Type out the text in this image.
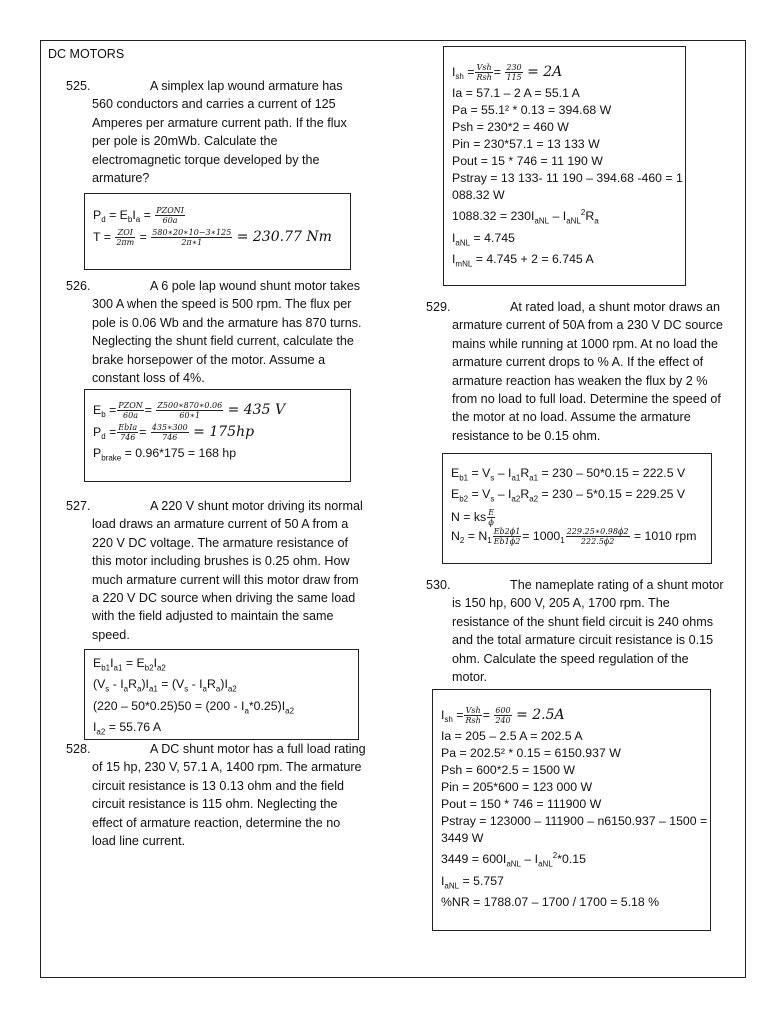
DC MOTORS
525.	A simplex lap wound armature has 560 conductors and carries a current of 125 Amperes per armature current path. If the flux per pole is 20mWb. Calculate the electromagnetic torque developed by the armature?
$P_d = E_bI_a = \frac{\text{PZONI}}{60a}$
$T = \frac{\text{ZOI}}{2\pi m} = \frac{580∗20∗10-3∗125}{2\pi∗1} = 230.77$ Nm
526.	A 6 pole lap wound shunt motor takes 300 A when the speed is 500 rpm. The flux per pole is 0.06 Wb and the armature has 870 turns. Neglecting the shunt field current, calculate the brake horsepower of the motor. Assume a constant loss of 4%.
$E_b = \frac{\text{PZON}}{60a} = \frac{Z500∗870∗0.06}{60∗1} = 435$ V
$P_d = \frac{\text{EbIa}}{746} = \frac{435∗300}{746} = 175hp$
$P_{brake} = 0.96*175 = 168$ hp
527.	A 220 V shunt motor driving its normal load draws an armature current of 50 A from a 220 V DC voltage. The armature resistance of this motor including brushes is 0.25 ohm. How much armature current will this motor draw from a 220 V DC source when driving the same load with the field adjusted to maintain the same speed.
$E_{b1}I_{a1} = E_{b2}I_{a2}$
$(V_s - I_aR_a)I_{a1} = (V_s - I_aR_a)I_{a2}$
$(220 - 50*0.25)50 = (200 - I_a*0.25)I_{a2}$
$I_{a2} = 55.76$ A
528.	A DC shunt motor has a full load rating of 15 hp, 230 V, 57.1 A, 1400 rpm. The armature circuit resistance is 13 0.13 ohm and the field circuit resistance is 115 ohm. Neglecting the effect of armature reaction, determine the no load line current.
$I_{sh} = \frac{\text{Vsh}}{\text{Rsh}} = \frac{230}{115} = 2A$
Ia = 57.1 – 2 A = 55.1 A
Pa = 55.1² * 0.13 = 394.68 W
Psh = 230*2 = 460 W
Pin = 230*57.1 = 13 133 W
Pout = 15 * 746 = 11 190 W
Pstray = 13 133- 11 190 – 394.68 -460 = 1
088.32 W
$1088.32 = 230I_{aNL} - I_{aNL}^2R_a$
$I_{aNL} = 4.745$
$I_{mNL} = 4.745 + 2 = 6.745$ A
529.	At rated load, a shunt motor draws an armature current of 50A from a 230 V DC source mains while running at 1000 rpm. At no load the armature current drops to % A. If the effect of armature reaction has weaken the flux by 2 % from no load to full load. Determine the speed of the motor at no load. Assume the armature resistance to be 0.15 ohm.
$E_{b1} = V_s - I_{a1}R_{a1} = 230 - 50*0.15 = 222.5$ V
$E_{b2} = V_s - I_{a2}R_{a2} = 230 - 5*0.15 = 229.25$ V
N = ks $\frac{E}{\phi}$
$N_2 = N_1 \frac{Eb2\phi 1}{Eb1\phi 2} = 1000_1 \frac{229.25∗0.98\phi 2}{222.5\phi 2} = 1010$ rpm
530.	The nameplate rating of a shunt motor is 150 hp, 600 V, 205 A, 1700 rpm. The resistance of the shunt field circuit is 240 ohms and the total armature circuit resistance is 0.15 ohm. Calculate the speed regulation of the motor.
$I_{sh} = \frac{\text{Vsh}}{\text{Rsh}} = \frac{600}{240} = 2.5A$
Ia = 205 – 2.5 A = 202.5 A
Pa = 202.5² * 0.15 = 6150.937 W
Psh = 600*2.5 = 1500 W
Pin = 205*600 = 123 000 W
Pout = 150 * 746 = 111900 W
Pstray = 123000 – 111900 – n6150.937 – 1500 =
3449 W
$3449 = 600I_{aNL} - I_{aNL}^2*0.15$
$I_{aNL} = 5.757$
%NR = 1788.07 – 1700 / 1700 = 5.18 %
